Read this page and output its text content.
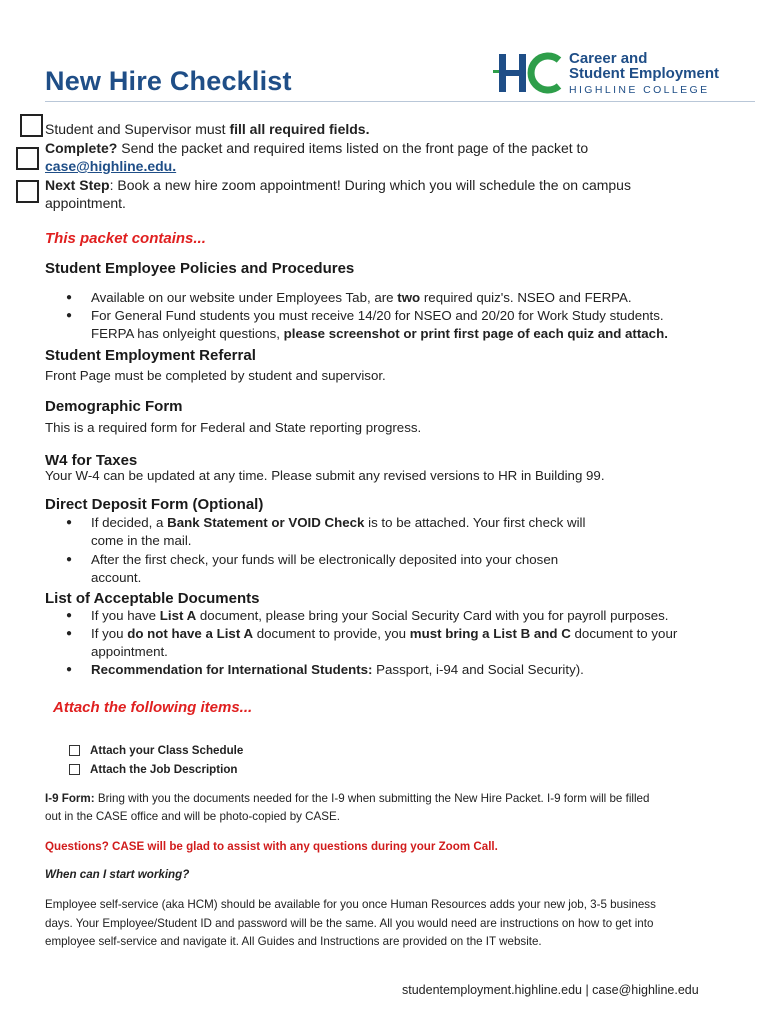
New Hire Checklist
Career and
Student Employment
HIGHLINE COLLEGE
Student and Supervisor must fill all required fields.
Complete? Send the packet and required items listed on the front page of the packet to
case@highline.edu.
Next Step: Book a new hire zoom appointment! During which you will schedule the on campus
appointment.
This packet contains...
Student Employee Policies and Procedures
● Available on our website under Employees Tab, are two required quiz's. NSEO and FERPA.
● For General Fund students you must receive 14/20 for NSEO and 20/20 for Work Study students.
FERPA has onlyeight questions, please screenshot or print first page of each quiz and attach.
Student Employment Referral
Front Page must be completed by student and supervisor.
Demographic Form
This is a required form for Federal and State reporting progress.
W4 for Taxes
Your W-4 can be updated at any time. Please submit any revised versions to HR in Building 99.
Direct Deposit Form (Optional)
● If decided, a Bank Statement or VOID Check is to be attached. Your first check will
come in the mail.
● After the first check, your funds will be electronically deposited into your chosen
account.
List of Acceptable Documents
● If you have List A document, please bring your Social Security Card with you for payroll purposes.
● If you do not have a List A document to provide, you must bring a List B and C document to your
appointment.
● Recommendation for International Students: Passport, i-94 and Social Security).
Attach the following items...
Attach your Class Schedule
Attach the Job Description
I-9 Form: Bring with you the documents needed for the I-9 when submitting the New Hire Packet. I-9 form will be filled
out in the CASE office and will be photo-copied by CASE.
Questions? CASE will be glad to assist with any questions during your Zoom Call.
When can I start working?
Employee self-service (aka HCM) should be available for you once Human Resources adds your new job, 3-5 business
days. Your Employee/Student ID and password will be the same. All you would need are instructions on how to get into
employee self-service and navigate it. All Guides and Instructions are provided on the IT website.
studentemployment.highline.edu | case@highline.edu
